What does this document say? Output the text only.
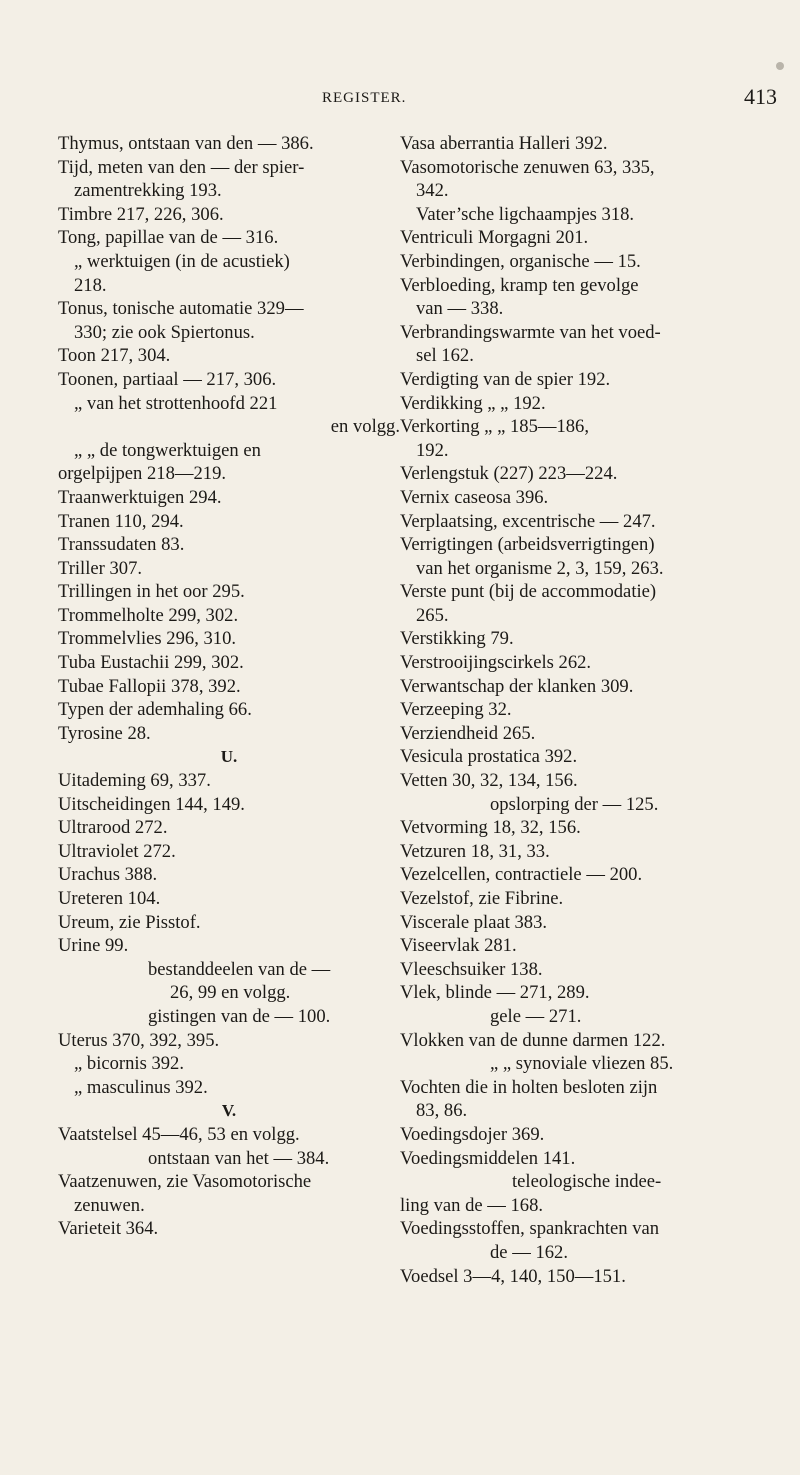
REGISTER.	413
Thymus, ontstaan van den — 386.
Tijd, meten van den — der spier-
zamentrekking 193.
Timbre 217, 226, 306.
Tong, papillae van de — 316.
„ werktuigen (in de acustiek)
218.
Tonus, tonische automatie 329—
330; zie ook Spiertonus.
Toon 217, 304.
Toonen, partiaal — 217, 306.
„ van het strottenhoofd 221
en volgg.
„ „ de tongwerktuigen en
orgelpijpen 218—219.
Traanwerktuigen 294.
Tranen 110, 294.
Transsudaten 83.
Triller 307.
Trillingen in het oor 295.
Trommelholte 299, 302.
Trommelvlies 296, 310.
Tuba Eustachii 299, 302.
Tubae Fallopii 378, 392.
Typen der ademhaling 66.
Tyrosine 28.
U.
Uitademing 69, 337.
Uitscheidingen 144, 149.
Ultrarood 272.
Ultraviolet 272.
Urachus 388.
Ureteren 104.
Ureum, zie Pisstof.
Urine 99.
bestanddeelen van de —
26, 99 en volgg.
gistingen van de — 100.
Uterus 370, 392, 395.
„ bicornis 392.
„ masculinus 392.
V.
Vaatstelsel 45—46, 53 en volgg.
ontstaan van het — 384.
Vaatzenuwen, zie Vasomotorische
zenuwen.
Varieteit 364.
Vasa aberrantia Halleri 392.
Vasomotorische zenuwen 63, 335,
342.
Vater’sche ligchaampjes 318.
Ventriculi Morgagni 201.
Verbindingen, organische — 15.
Verbloeding, kramp ten gevolge
van — 338.
Verbrandingswarmte van het voed-
sel 162.
Verdigting van de spier 192.
Verdikking „ „ 192.
Verkorting „ „ 185—186,
192.
Verlengstuk (227) 223—224.
Vernix caseosa 396.
Verplaatsing, excentrische — 247.
Verrigtingen (arbeidsverrigtingen)
van het organisme 2, 3, 159, 263.
Verste punt (bij de accommodatie)
265.
Verstikking 79.
Verstrooijingscirkels 262.
Verwantschap der klanken 309.
Verzeeping 32.
Verziendheid 265.
Vesicula prostatica 392.
Vetten 30, 32, 134, 156.
opslorping der — 125.
Vetvorming 18, 32, 156.
Vetzuren 18, 31, 33.
Vezelcellen, contractiele — 200.
Vezelstof, zie Fibrine.
Viscerale plaat 383.
Viseervlak 281.
Vleeschsuiker 138.
Vlek, blinde — 271, 289.
gele — 271.
Vlokken van de dunne darmen 122.
„ „ synoviale vliezen 85.
Vochten die in holten besloten zijn
83, 86.
Voedingsdojer 369.
Voedingsmiddelen 141.
teleologische indee-
ling van de — 168.
Voedingsstoffen, spankrachten van
de — 162.
Voedsel 3—4, 140, 150—151.
